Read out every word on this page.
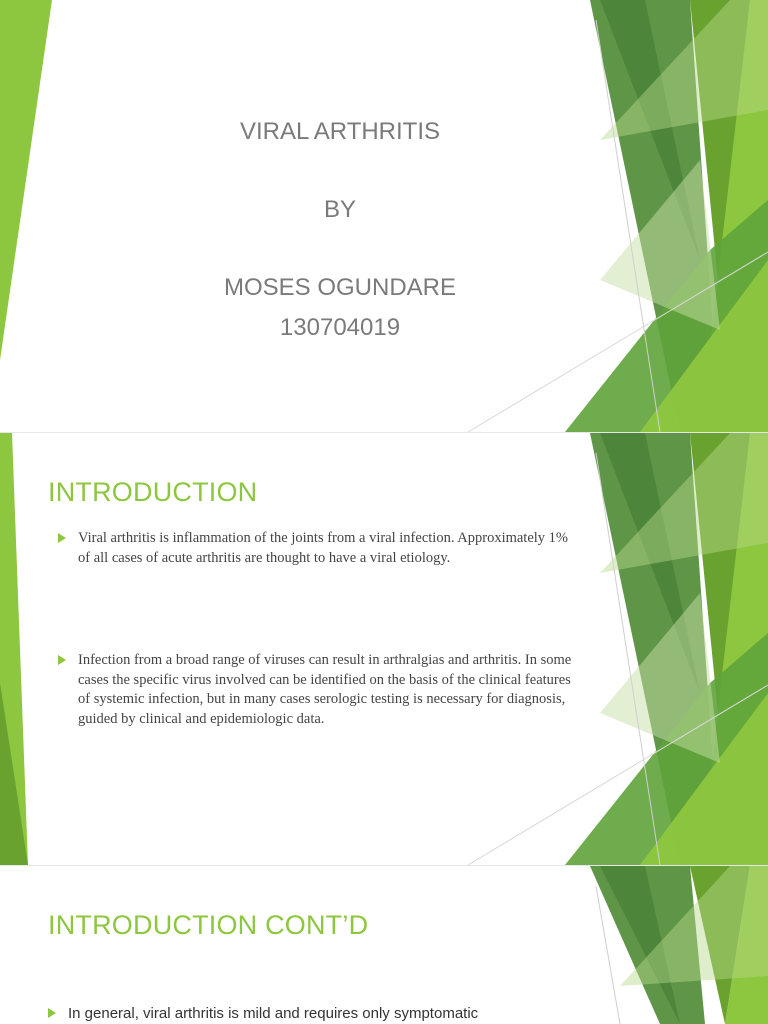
VIRAL ARTHRITIS
BY
MOSES OGUNDARE
130704019
INTRODUCTION
Viral arthritis is inflammation of the joints from a viral infection. Approximately 1% of all cases of acute arthritis are thought to have a viral etiology.
Infection from a broad range of viruses can result in arthralgias and arthritis. In some cases the specific virus involved can be identified on the basis of the clinical features of systemic infection, but in many cases serologic testing is necessary for diagnosis, guided by clinical and epidemiologic data.
INTRODUCTION CONT’D
In general, viral arthritis is mild and requires only symptomatic
